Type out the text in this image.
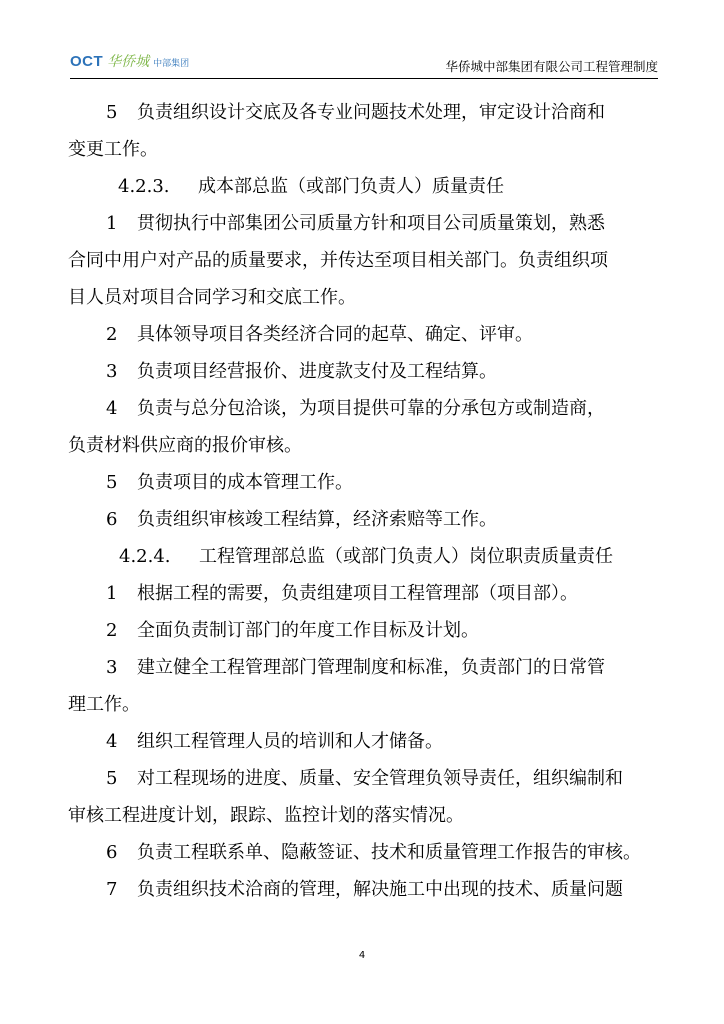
OCT 华侨城 中部集团	华侨城中部集团有限公司工程管理制度

5 负责组织设计交底及各专业问题技术处理，审定设计洽商和

变更工作。

4.2.3. 成本部总监（或部门负责人）质量责任

1 贯彻执行中部集团公司质量方针和项目公司质量策划，熟悉

合同中用户对产品的质量要求，并传达至项目相关部门。负责组织项

目人员对项目合同学习和交底工作。

2 具体领导项目各类经济合同的起草、确定、评审。

3 负责项目经营报价、进度款支付及工程结算。

4 负责与总分包洽谈，为项目提供可靠的分承包方或制造商，

负责材料供应商的报价审核。

5 负责项目的成本管理工作。

6 负责组织审核竣工程结算，经济索赔等工作。

4.2.4. 工程管理部总监（或部门负责人）岗位职责质量责任

1 根据工程的需要，负责组建项目工程管理部（项目部）。

2 全面负责制订部门的年度工作目标及计划。

3 建立健全工程管理部门管理制度和标准，负责部门的日常管

理工作。

4 组织工程管理人员的培训和人才储备。

5 对工程现场的进度、质量、安全管理负领导责任，组织编制和

审核工程进度计划，跟踪、监控计划的落实情况。

6 负责工程联系单、隐蔽签证、技术和质量管理工作报告的审核。

7 负责组织技术洽商的管理，解决施工中出现的技术、质量问题

4
